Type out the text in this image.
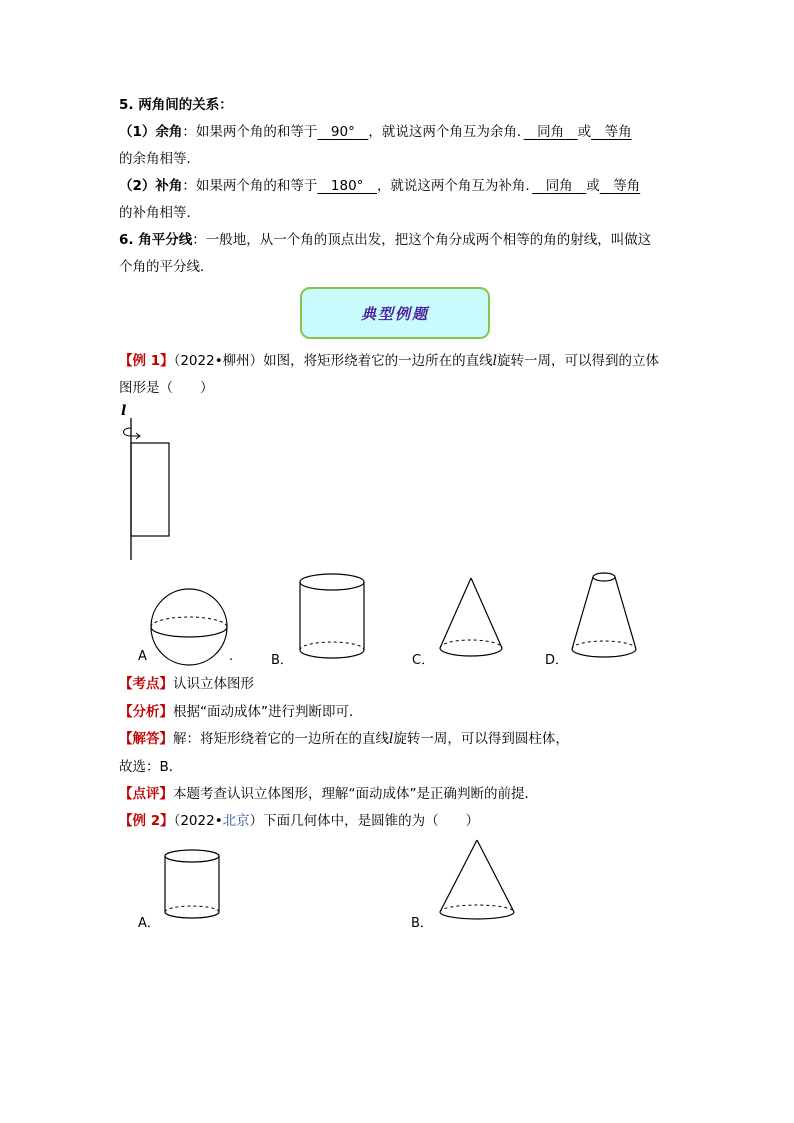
5. 两角间的关系：
（1）余角：如果两个角的和等于　 90°　 ，就说这两个角互为余角．　 同角　 或　 等角
的余角相等．
（2）补角：如果两个角的和等于　 180°　 ，就说这两个角互为补角．　 同角　 或　 等角
的补角相等．
6. 角平分线：一般地，从一个角的顶点出发，把这个角分成两个相等的角的射线，叫做这
个角的平分线．
典型例题
【例 1】（2022•柳州）如图，将矩形绕着它的一边所在的直线l旋转一周，可以得到的立体
图形是（　　）
l
A	.	B．	C．	D．
【考点】认识立体图形
【分析】根据“面动成体”进行判断即可．
【解答】解：将矩形绕着它的一边所在的直线l旋转一周，可以得到圆柱体，
故选：B．
【点评】本题考查认识立体图形，理解“面动成体”是正确判断的前提．
【例 2】（2022•北京）下面几何体中，是圆锥的为（　　）
A．	B．
